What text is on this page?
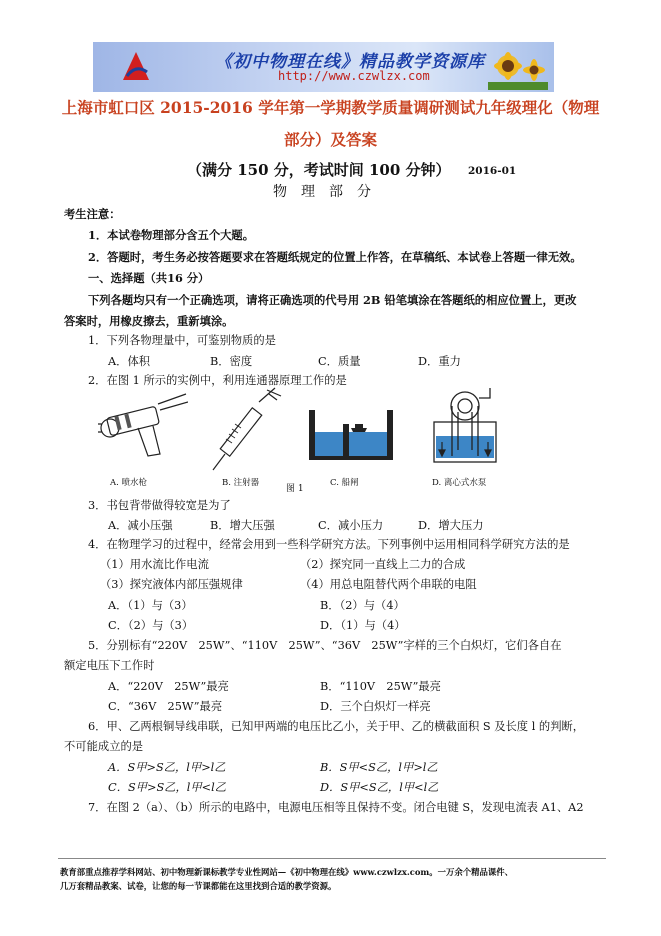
《初中物理在线》精品教学资源库
http://www.czwlzx.com
上海市虹口区 2015-2016 学年第一学期教学质量调研测试九年级理化（物理
部分）及答案
（满分 150 分，考试时间 100 分钟） 2016-01
物理部分
考生注意：
1．本试卷物理部分含五个大题。
2．答题时，考生务必按答题要求在答题纸规定的位置上作答，在草稿纸、本试卷上答题一律无效。
一、选择题（共16 分）
下列各题均只有一个正确选项，请将正确选项的代号用 2B 铅笔填涂在答题纸的相应位置上，更改
答案时，用橡皮擦去，重新填涂。
1．下列各物理量中，可鉴别物质的是
A．体积	B．密度	C．质量	D．重力
2．在图 1 所示的实例中，利用连通器原理工作的是
A. 喷水枪	B. 注射器	C. 船闸
图 1
D. 离心式水泵
3．书包背带做得较宽是为了
A．减小压强	B．增大压强	C．减小压力	D．增大压力
4．在物理学习的过程中，经常会用到一些科学研究方法。下列事例中运用相同科学研究方法的是
（1）用水流比作电流	（2）探究同一直线上二力的合成
（3）探究液体内部压强规律	（4）用总电阻替代两个串联的电阻
A．（1）与（3）	B．（2）与（4）
C．（2）与（3）	D．（1）与（4）
5．分别标有“220V　25W”、“110V　25W”、“36V　25W”字样的三个白炽灯，它们各自在
额定电压下工作时
A．“220V　25W”最亮	B．“110V　25W”最亮
C．“36V　25W”最亮	D．三个白炽灯一样亮
6．甲、乙两根铜导线串联，已知甲两端的电压比乙小，关于甲、乙的横截面积 S 及长度 l 的判断，
不可能成立的是
A．S甲>S乙，l甲>l乙	B．S甲<S乙，l甲>l乙
C．S甲>S乙，l甲<l乙	D．S甲<S乙，l甲<l乙
7．在图 2（a）、（b）所示的电路中，电源电压相等且保持不变。闭合电键 S，发现电流表 A1、A2
教育部重点推荐学科网站、初中物理新课标教学专业性网站—《初中物理在线》www.czwlzx.com。一万余个精品课件、
几万套精品教案、试卷，让您的每一节课都能在这里找到合适的教学资源。
